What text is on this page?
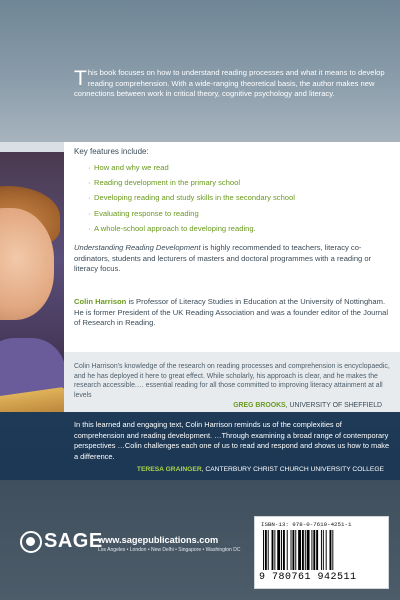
This book focuses on how to understand reading processes and what it means to develop reading comprehension. With a wide-ranging theoretical basis, the author makes new connections between work in critical theory, cognitive psychology and literacy.

Key features include:
· How and why we read
· Reading development in the primary school
· Developing reading and study skills in the secondary school
· Evaluating response to reading
· A whole-school approach to developing reading.

Understanding Reading Development is highly recommended to teachers, literacy co-ordinators, students and lecturers of masters and doctoral programmes with a reading or literacy focus.

Colin Harrison is Professor of Literacy Studies in Education at the University of Nottingham. He is former President of the UK Reading Association and was a founder editor of the Journal of Research in Reading.

Colin Harrison's knowledge of the research on reading processes and comprehension is encyclopaedic, and he has deployed it here to great effect. While scholarly, his approach is clear, and he makes the research accessible.… essential reading for all those committed to improving literacy attainment at all levels

GREG BROOKS, UNIVERSITY OF SHEFFIELD

In this learned and engaging text, Colin Harrison reminds us of the complexities of comprehension and reading development. …Through examining a broad range of contemporary perspectives …Colin challenges each one of us to read and respond and shows us how to make a difference.

TERESA GRAINGER, CANTERBURY CHRIST CHURCH UNIVERSITY COLLEGE

SAGE
www.sagepublications.com
Los Angeles • London • New Delhi • Singapore • Washington DC
ISBN-13: 978-0-7619-4251-1
9 780761 942511
